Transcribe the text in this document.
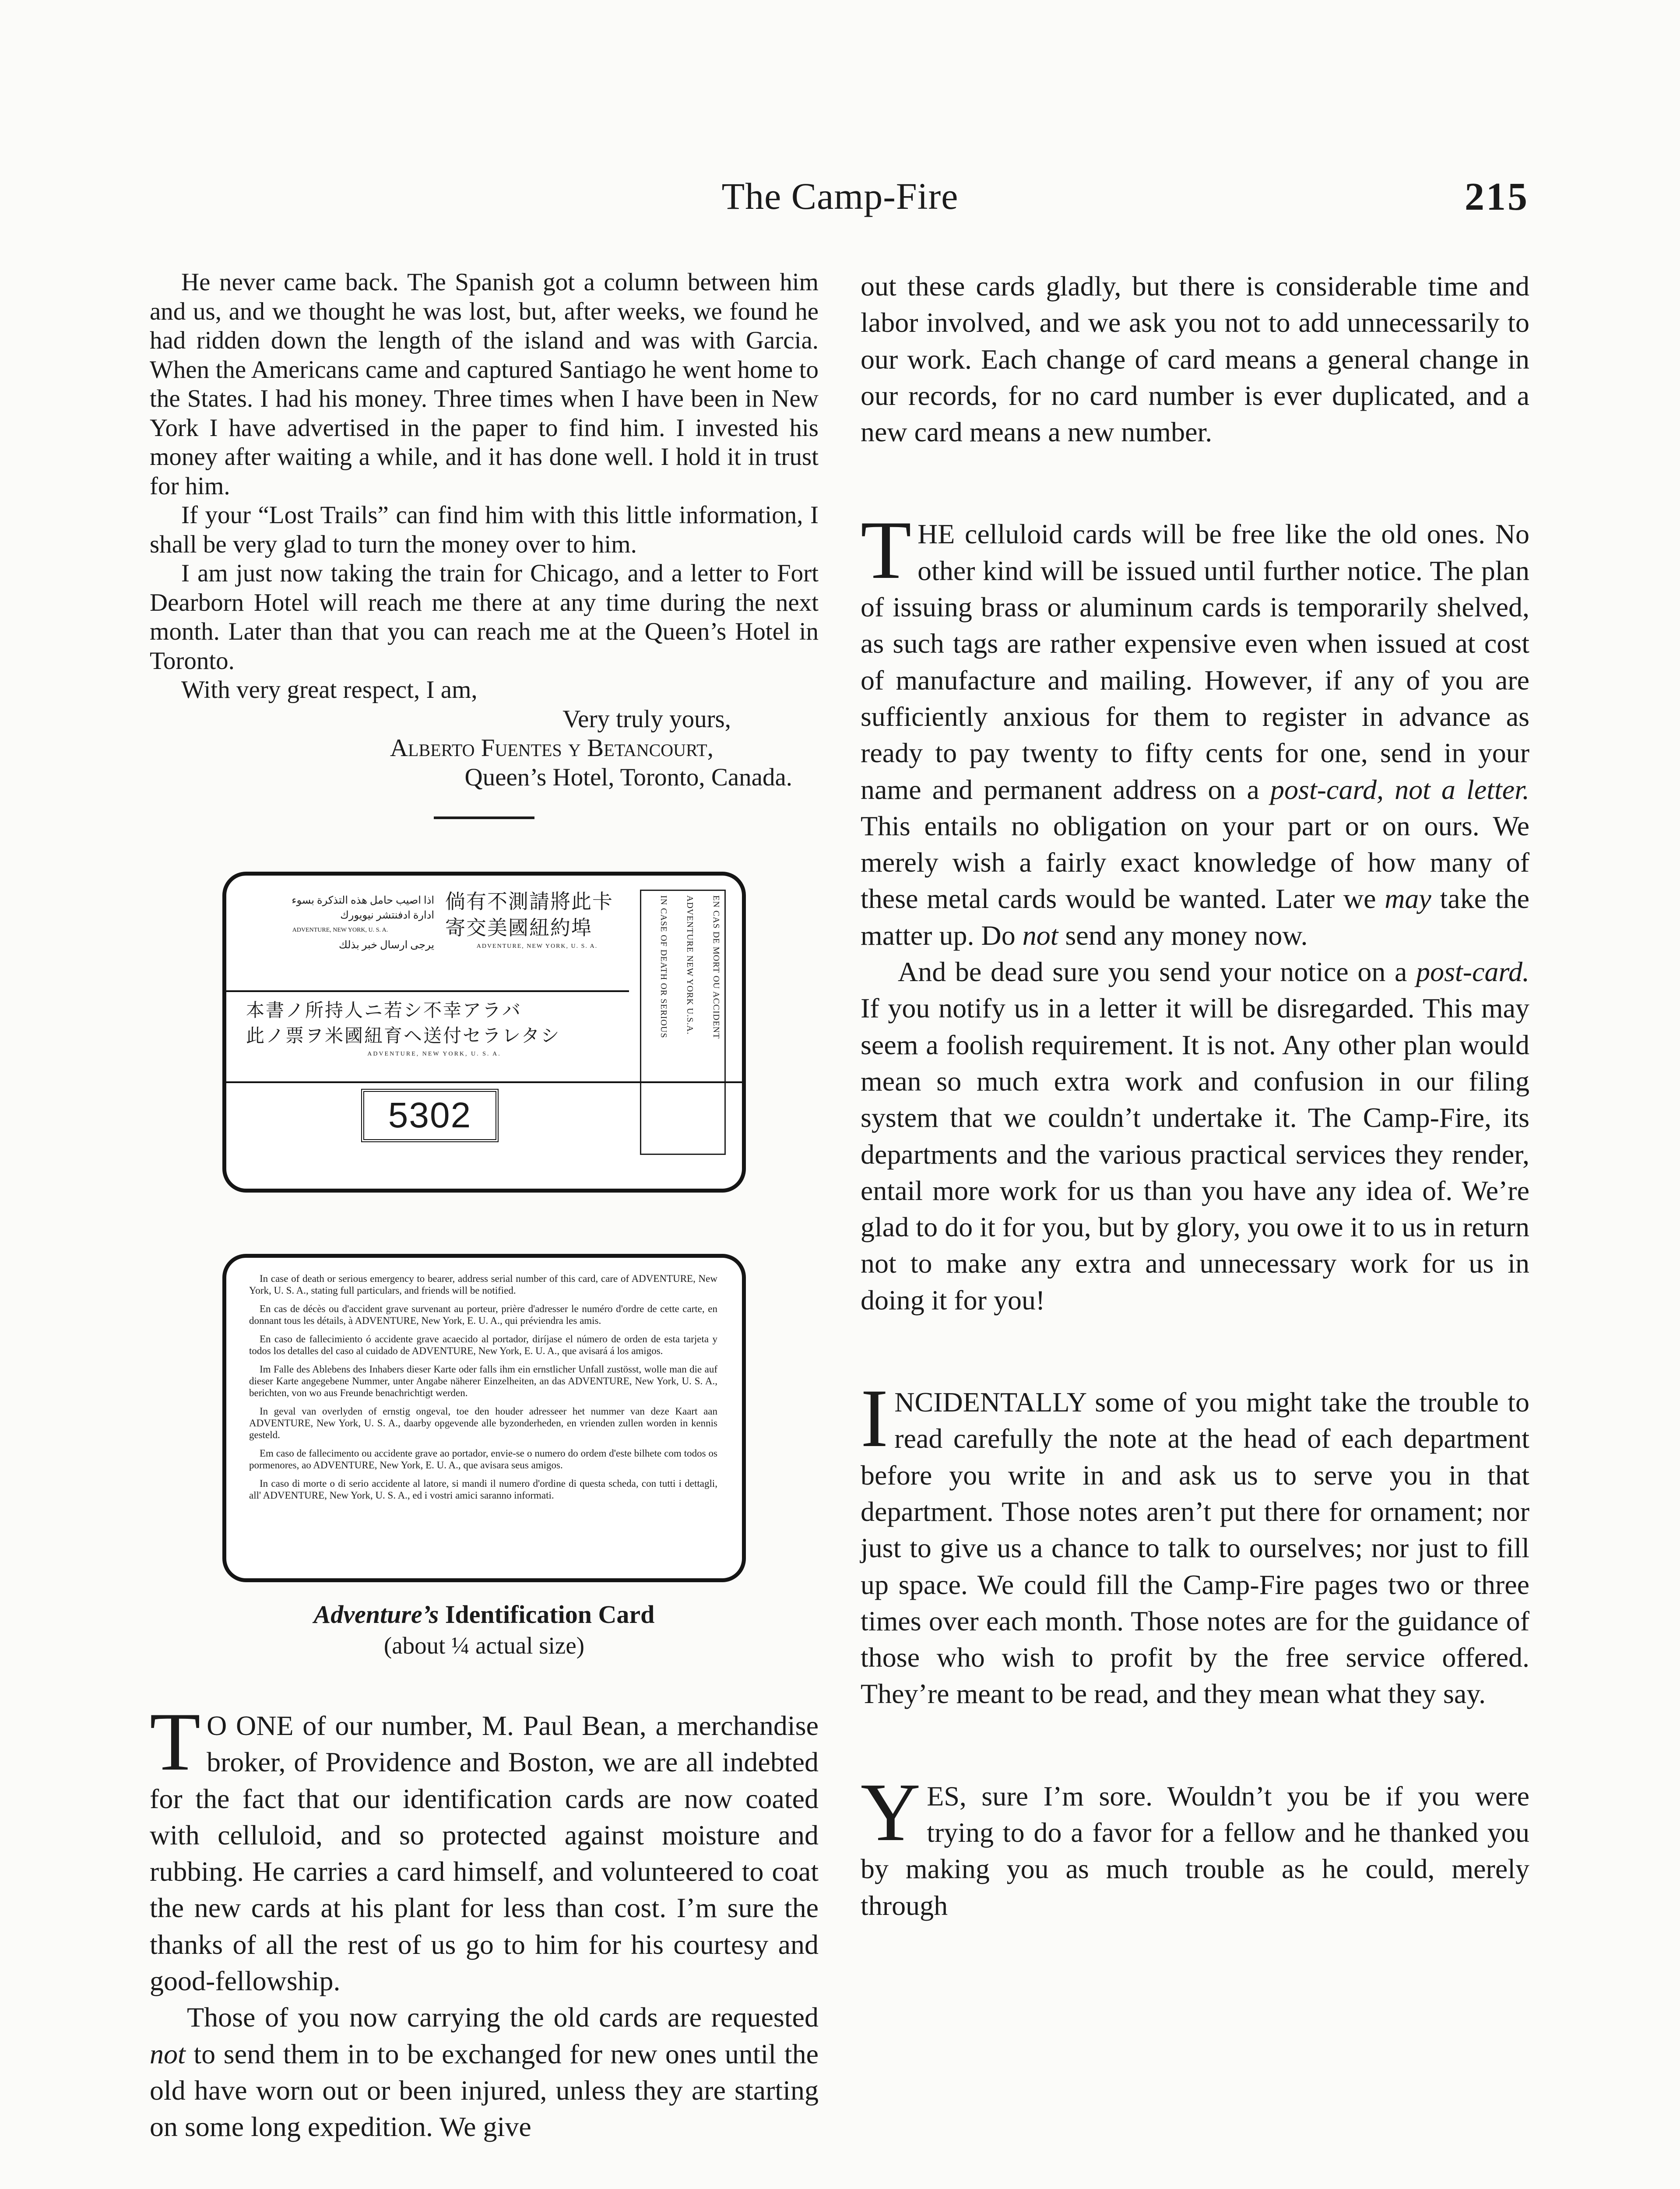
The Camp-Fire	215

He never came back. The Spanish got a column between him and us, and we thought he was lost, but, after weeks, we found he had ridden down the length of the island and was with Garcia. When the Americans came and captured Santiago he went home to the States. I had his money. Three times when I have been in New York I have advertised in the paper to find him. I invested his money after waiting a while, and it has done well. I hold it in trust for him.

If your “Lost Trails” can find him with this little information, I shall be very glad to turn the money over to him.

I am just now taking the train for Chicago, and a letter to Fort Dearborn Hotel will reach me there at any time during the next month. Later than that you can reach me at the Queen’s Hotel in Toronto.

With very great respect, I am,

Very truly yours,
Alberto Fuentes y Betancourt,
Queen’s Hotel, Toronto, Canada.
اذا اصيب حامل هذه التذكرة بسوء
ادارة ادفنتشر نيويورك
ADVENTURE, NEW YORK, U. S. A.
يرجى ارسال خبر بذلك
倘有不測請將此卡
寄交美國紐約埠
ADVENTURE, NEW YORK, U. S. A.
本書ノ所持人ニ若シ不幸アラバ
此ノ票ヲ米國紐育ヘ送付セラレタシ
ADVENTURE, NEW YORK, U. S. A.
IN CASE OF DEATH OR SERIOUS	ADVENTURE NEW YORK U.S.A.	EN CAS DE MORT OU ACCIDENT
5302

In case of death or serious emergency to bearer, address serial number of this card, care of ADVENTURE, New York, U. S. A., stating full particulars, and friends will be notified.

En cas de décès ou d'accident grave survenant au porteur, prière d'adresser le numéro d'ordre de cette carte, en donnant tous les détails, à ADVENTURE, New York, E. U. A., qui préviendra les amis.

En caso de fallecimiento ó accidente grave acaecido al portador, diríjase el número de orden de esta tarjeta y todos los detalles del caso al cuidado de ADVENTURE, New York, E. U. A., que avisará á los amigos.

Im Falle des Ablebens des Inhabers dieser Karte oder falls ihm ein ernstlicher Unfall zustösst, wolle man die auf dieser Karte angegebene Nummer, unter Angabe näherer Einzelheiten, an das ADVENTURE, New York, U. S. A., berichten, von wo aus Freunde benachrichtigt werden.

In geval van overlyden of ernstig ongeval, toe den houder adresseer het nummer van deze Kaart aan ADVENTURE, New York, U. S. A., daarby opgevende alle byzonderheden, en vrienden zullen worden in kennis gesteld.

Em caso de fallecimento ou accidente grave ao portador, envie-se o numero do ordem d'este bilhete com todos os pormenores, ao ADVENTURE, New York, E. U. A., que avisara seus amigos.

In caso di morte o di serio accidente al latore, si mandi il numero d'ordine di questa scheda, con tutti i dettagli, all' ADVENTURE, New York, U. S. A., ed i vostri amici saranno informati.

Adventure’s Identification Card
(about ¼ actual size)

T O ONE of our number, M. Paul Bean, a merchandise broker, of Providence and Boston, we are all indebted for the fact that our identification cards are now coated with celluloid, and so protected against moisture and rubbing. He carries a card himself, and volunteered to coat the new cards at his plant for less than cost. I’m sure the thanks of all the rest of us go to him for his courtesy and good-fellowship.

Those of you now carrying the old cards are requested not to send them in to be exchanged for new ones until the old have worn out or been injured, unless they are starting on some long expedition. We give

out these cards gladly, but there is considerable time and labor involved, and we ask you not to add unnecessarily to our work. Each change of card means a general change in our records, for no card number is ever duplicated, and a new card means a new number.

THE celluloid cards will be free like the old ones. No other kind will be issued until further notice. The plan of issuing brass or aluminum cards is temporarily shelved, as such tags are rather expensive even when issued at cost of manufacture and mailing. However, if any of you are sufficiently anxious for them to register in advance as ready to pay twenty to fifty cents for one, send in your name and permanent address on a post-card, not a letter. This entails no obligation on your part or on ours. We merely wish a fairly exact knowledge of how many of these metal cards would be wanted. Later we may take the matter up. Do not send any money now.

And be dead sure you send your notice on a post-card. If you notify us in a letter it will be disregarded. This may seem a foolish requirement. It is not. Any other plan would mean so much extra work and confusion in our filing system that we couldn’t undertake it. The Camp-Fire, its departments and the various practical services they render, entail more work for us than you have any idea of. We’re glad to do it for you, but by glory, you owe it to us in return not to make any extra and unnecessary work for us in doing it for you!

INCIDENTALLY some of you might take the trouble to read carefully the note at the head of each department before you write in and ask us to serve you in that department. Those notes aren’t put there for ornament; nor just to give us a chance to talk to ourselves; nor just to fill up space. We could fill the Camp-Fire pages two or three times over each month. Those notes are for the guidance of those who wish to profit by the free service offered. They’re meant to be read, and they mean what they say.

YES, sure I’m sore. Wouldn’t you be if you were trying to do a favor for a fellow and he thanked you by making you as much trouble as he could, merely through
